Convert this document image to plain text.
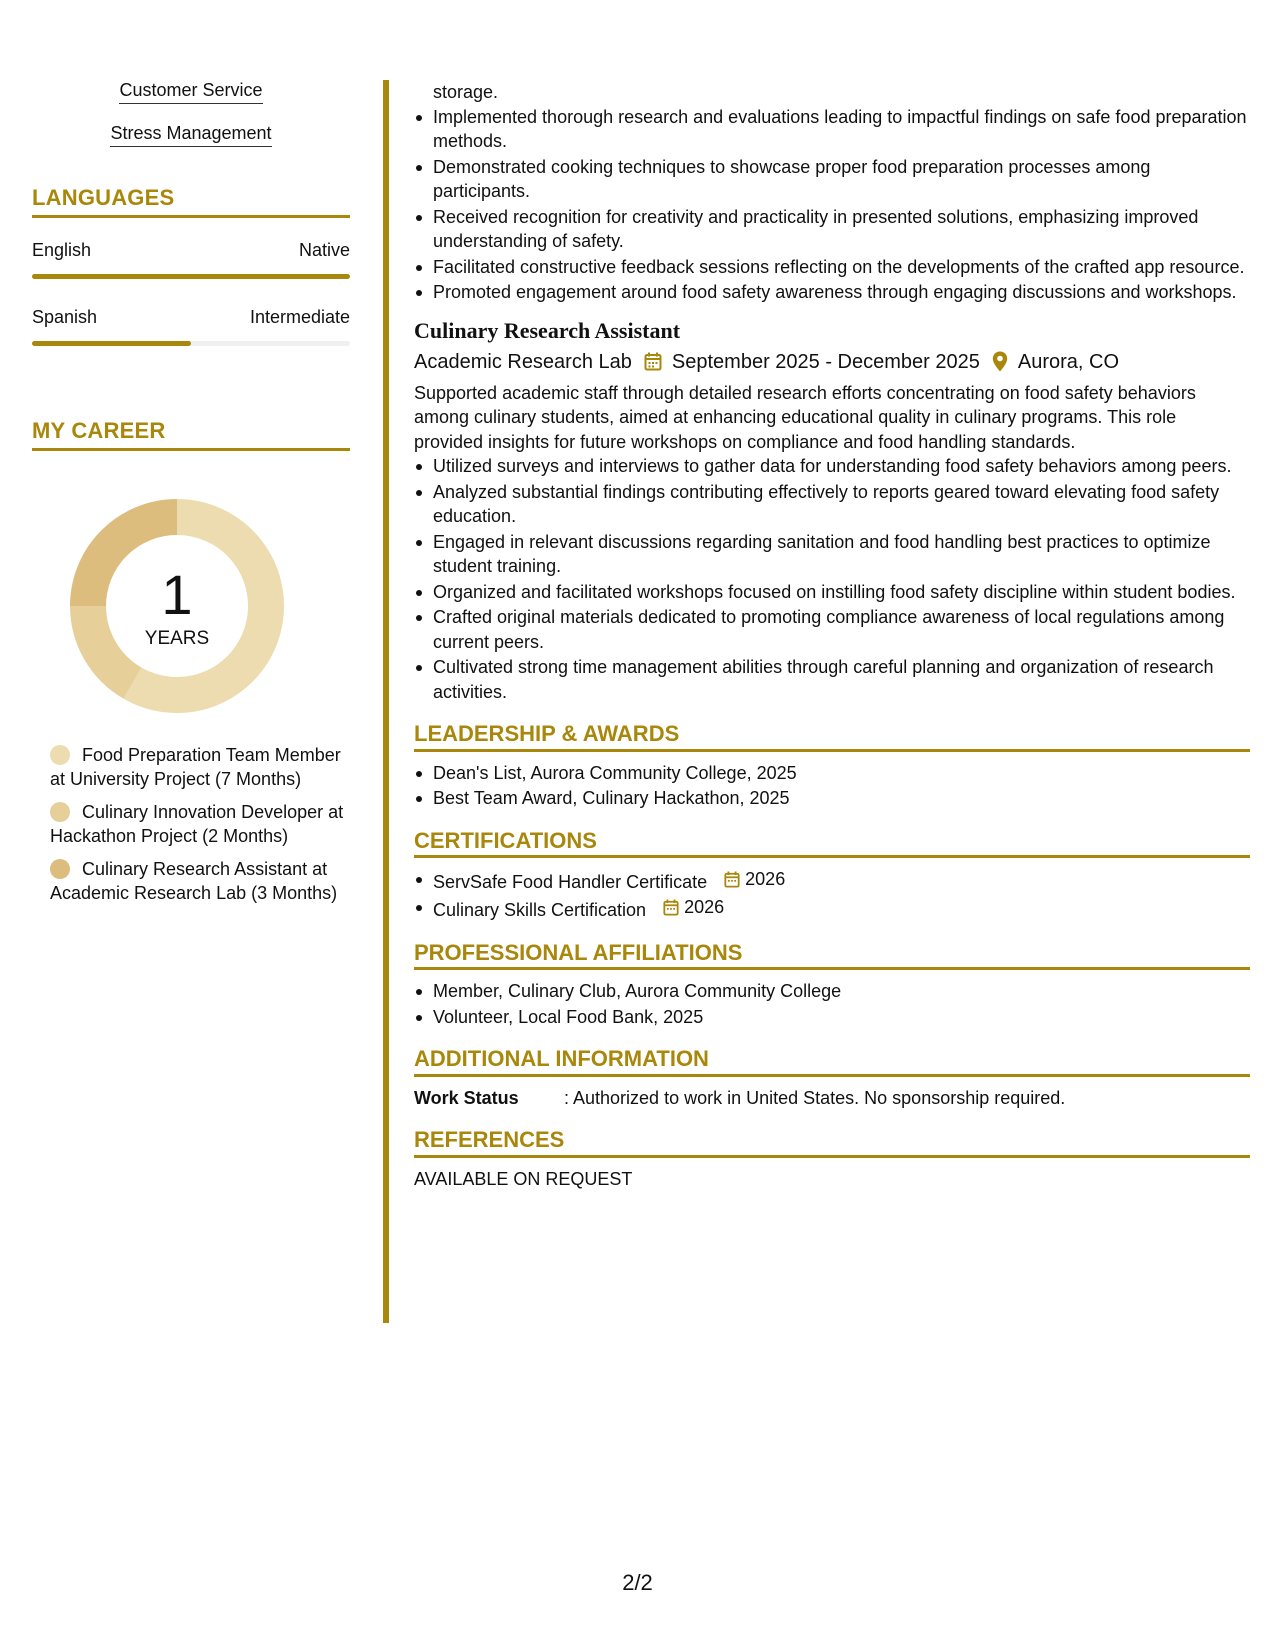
Customer Service
Stress Management
LANGUAGES
English	Native
Spanish	Intermediate
MY CAREER
1
YEARS
Food Preparation Team Member at University Project (7 Months)
Culinary Innovation Developer at Hackathon Project (2 Months)
Culinary Research Assistant at Academic Research Lab (3 Months)
storage.
Implemented thorough research and evaluations leading to impactful findings on safe food preparation methods.
Demonstrated cooking techniques to showcase proper food preparation processes among participants.
Received recognition for creativity and practicality in presented solutions, emphasizing improved understanding of safety.
Facilitated constructive feedback sessions reflecting on the developments of the crafted app resource.
Promoted engagement around food safety awareness through engaging discussions and workshops.
Culinary Research Assistant
Academic Research Lab September 2025 - December 2025 Aurora, CO
Supported academic staff through detailed research efforts concentrating on food safety behaviors among culinary students, aimed at enhancing educational quality in culinary programs. This role provided insights for future workshops on compliance and food handling standards.
Utilized surveys and interviews to gather data for understanding food safety behaviors among peers.
Analyzed substantial findings contributing effectively to reports geared toward elevating food safety education.
Engaged in relevant discussions regarding sanitation and food handling best practices to optimize student training.
Organized and facilitated workshops focused on instilling food safety discipline within student bodies.
Crafted original materials dedicated to promoting compliance awareness of local regulations among current peers.
Cultivated strong time management abilities through careful planning and organization of research activities.
LEADERSHIP & AWARDS
Dean's List, Aurora Community College, 2025
Best Team Award, Culinary Hackathon, 2025
CERTIFICATIONS
ServSafe Food Handler Certificate 2026
Culinary Skills Certification 2026
PROFESSIONAL AFFILIATIONS
Member, Culinary Club, Aurora Community College
Volunteer, Local Food Bank, 2025
ADDITIONAL INFORMATION
Work Status	: Authorized to work in United States. No sponsorship required.
REFERENCES
AVAILABLE ON REQUEST
2/2
